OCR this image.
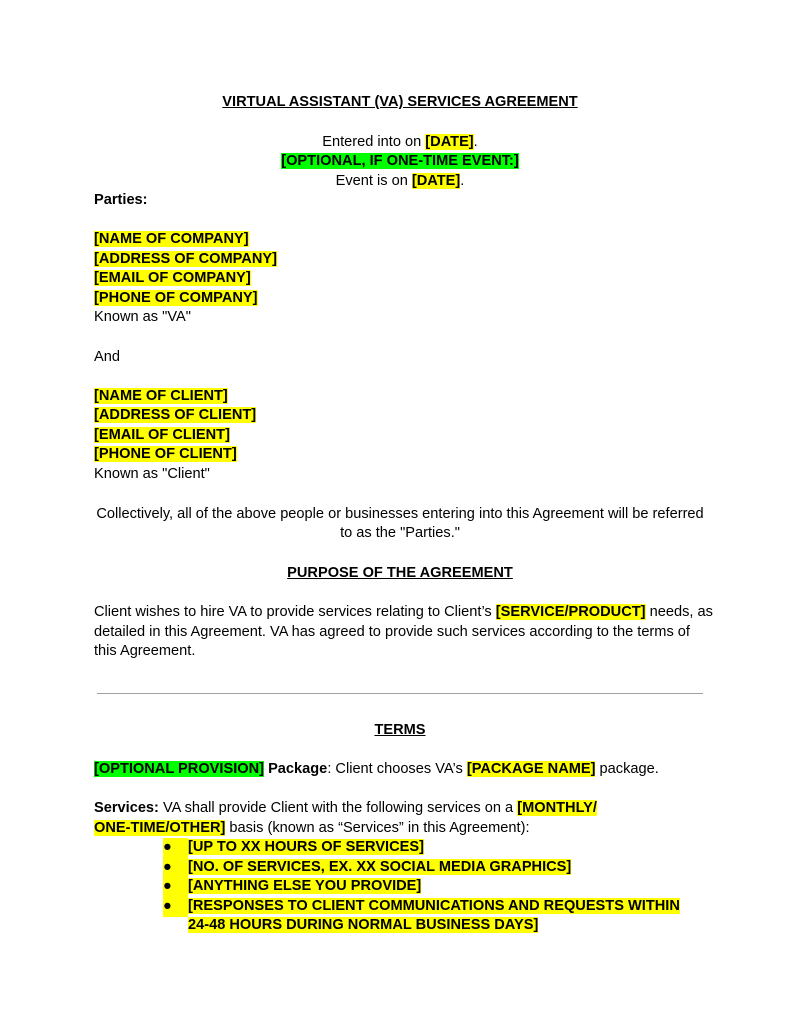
VIRTUAL ASSISTANT (VA) SERVICES AGREEMENT
Entered into on [DATE].
[OPTIONAL, IF ONE-TIME EVENT:]
Event is on [DATE].
Parties:
[NAME OF COMPANY]
[ADDRESS OF COMPANY]
[EMAIL OF COMPANY]
[PHONE OF COMPANY]
Known as "VA"
And
[NAME OF CLIENT]
[ADDRESS OF CLIENT]
[EMAIL OF CLIENT]
[PHONE OF CLIENT]
Known as "Client"
Collectively, all of the above people or businesses entering into this Agreement will be referred
to as the "Parties."
PURPOSE OF THE AGREEMENT
Client wishes to hire VA to provide services relating to Client’s [SERVICE/PRODUCT] needs, as
detailed in this Agreement. VA has agreed to provide such services according to the terms of
this Agreement.
TERMS
[OPTIONAL PROVISION] Package: Client chooses VA’s [PACKAGE NAME] package.
Services: VA shall provide Client with the following services on a [MONTHLY/
ONE-TIME/OTHER] basis (known as “Services” in this Agreement):
● [UP TO XX HOURS OF SERVICES]
● [NO. OF SERVICES, EX. XX SOCIAL MEDIA GRAPHICS]
● [ANYTHING ELSE YOU PROVIDE]
● [RESPONSES TO CLIENT COMMUNICATIONS AND REQUESTS WITHIN
24-48 HOURS DURING NORMAL BUSINESS DAYS]
